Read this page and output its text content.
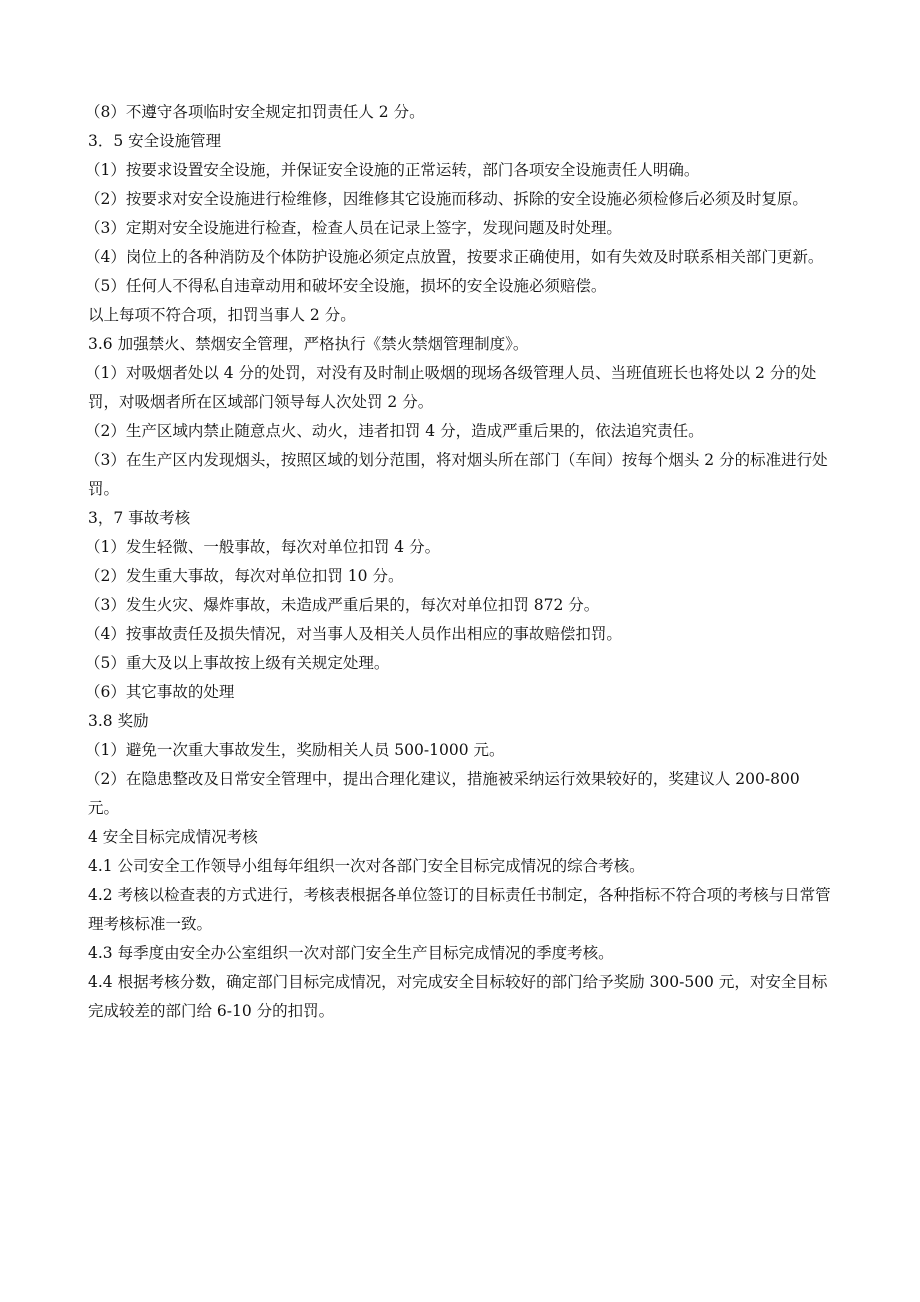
（8）不遵守各项临时安全规定扣罚责任人 2 分。
3．5 安全设施管理
（1）按要求设置安全设施，并保证安全设施的正常运转，部门各项安全设施责任人明确。
（2）按要求对安全设施进行检维修，因维修其它设施而移动、拆除的安全设施必须检修后必须及时复原。
（3）定期对安全设施进行检查，检查人员在记录上签字，发现问题及时处理。
（4）岗位上的各种消防及个体防护设施必须定点放置，按要求正确使用，如有失效及时联系相关部门更新。
（5）任何人不得私自违章动用和破坏安全设施，损坏的安全设施必须赔偿。
以上每项不符合项，扣罚当事人 2 分。
3.6 加强禁火、禁烟安全管理，严格执行《禁火禁烟管理制度》。
（1）对吸烟者处以 4 分的处罚，对没有及时制止吸烟的现场各级管理人员、当班值班长也将处以 2 分的处罚，对吸烟者所在区域部门领导每人次处罚 2 分。
（2）生产区域内禁止随意点火、动火，违者扣罚 4 分，造成严重后果的，依法追究责任。
（3）在生产区内发现烟头，按照区域的划分范围，将对烟头所在部门（车间）按每个烟头 2 分的标准进行处罚。
3，7 事故考核
（1）发生轻微、一般事故，每次对单位扣罚 4 分。
（2）发生重大事故，每次对单位扣罚 10 分。
（3）发生火灾、爆炸事故，未造成严重后果的，每次对单位扣罚 872 分。
（4）按事故责任及损失情况，对当事人及相关人员作出相应的事故赔偿扣罚。
（5）重大及以上事故按上级有关规定处理。
（6）其它事故的处理
3.8 奖励
（1）避免一次重大事故发生，奖励相关人员 500-1000 元。
（2）在隐患整改及日常安全管理中，提出合理化建议，措施被采纳运行效果较好的，奖建议人 200-800 元。
4 安全目标完成情况考核
4.1 公司安全工作领导小组每年组织一次对各部门安全目标完成情况的综合考核。
4.2 考核以检查表的方式进行，考核表根据各单位签订的目标责任书制定，各种指标不符合项的考核与日常管理考核标准一致。
4.3 每季度由安全办公室组织一次对部门安全生产目标完成情况的季度考核。
4.4 根据考核分数，确定部门目标完成情况，对完成安全目标较好的部门给予奖励 300-500 元，对安全目标完成较差的部门给 6-10 分的扣罚。
